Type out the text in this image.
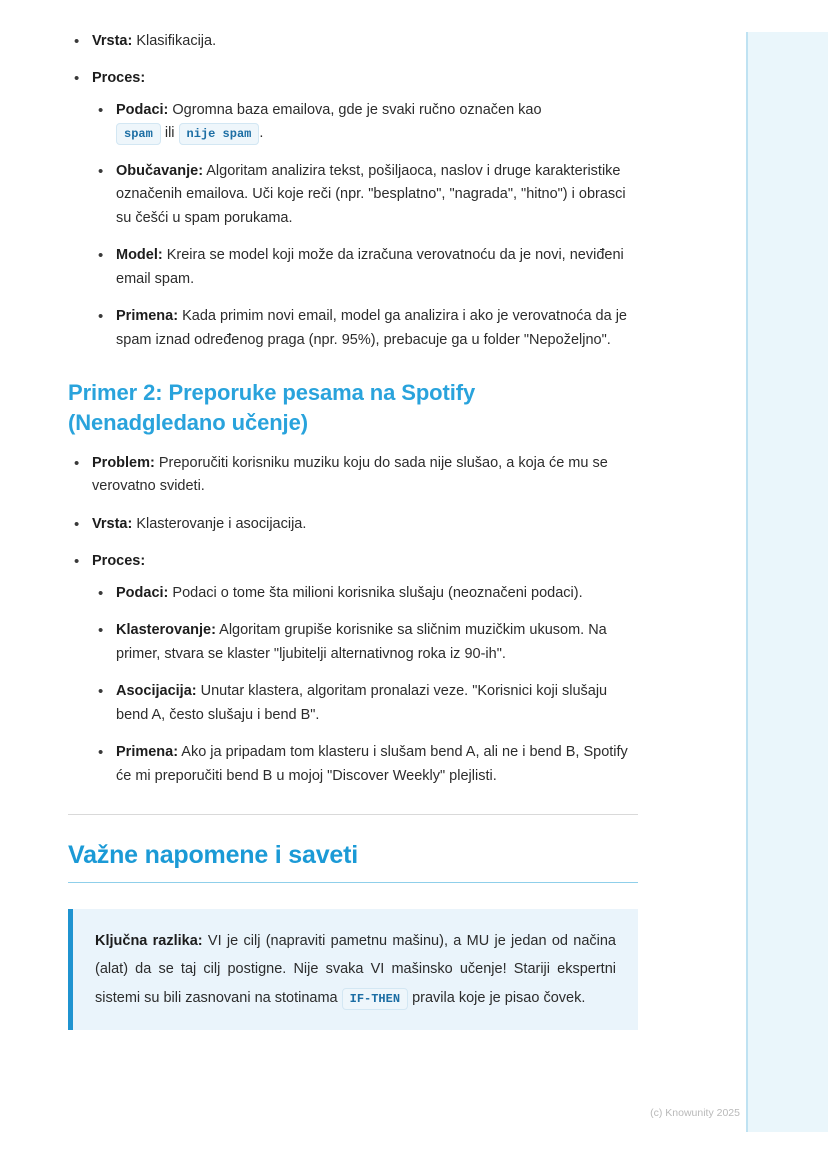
• Vrsta: Klasifikacija.
• Proces:
• Podaci: Ogromna baza emailova, gde je svaki ručno označen kao
spam ili nije spam .
• Obučavanje: Algoritam analizira tekst, pošiljaoca, naslov i druge karakteristike označenih emailova. Uči koje reči (npr. "besplatno", "nagrada", "hitno") i obrasci su češći u spam porukama.
• Model: Kreira se model koji može da izračuna verovatnoću da je novi, neviđeni email spam.
• Primena: Kada primim novi email, model ga analizira i ako je verovatnoća da je spam iznad određenog praga (npr. 95%), prebacuje ga u folder "Nepoželjno".
Primer 2: Preporuke pesama na Spotify (Nenadgledano učenje)
• Problem: Preporučiti korisniku muziku koju do sada nije slušao, a koja će mu se verovatno svideti.
• Vrsta: Klasterovanje i asocijacija.
• Proces:
• Podaci: Podaci o tome šta milioni korisnika slušaju (neoznačeni podaci).
• Klasterovanje: Algoritam grupiše korisnike sa sličnim muzičkim ukusom. Na primer, stvara se klaster "ljubitelji alternativnog roka iz 90-ih".
• Asocijacija: Unutar klastera, algoritam pronalazi veze. "Korisnici koji slušaju bend A, često slušaju i bend B".
• Primena: Ako ja pripadam tom klasteru i slušam bend A, ali ne i bend B, Spotify će mi preporučiti bend B u mojoj "Discover Weekly" plejlisti.
Važne napomene i saveti
Ključna razlika: VI je cilj (napraviti pametnu mašinu), a MU je jedan od načina (alat) da se taj cilj postigne. Nije svaka VI mašinsko učenje! Stariji ekspertni sistemi su bili zasnovani na stotinama IF-THEN pravila koje je pisao čovek.
(c) Knowunity 2025
